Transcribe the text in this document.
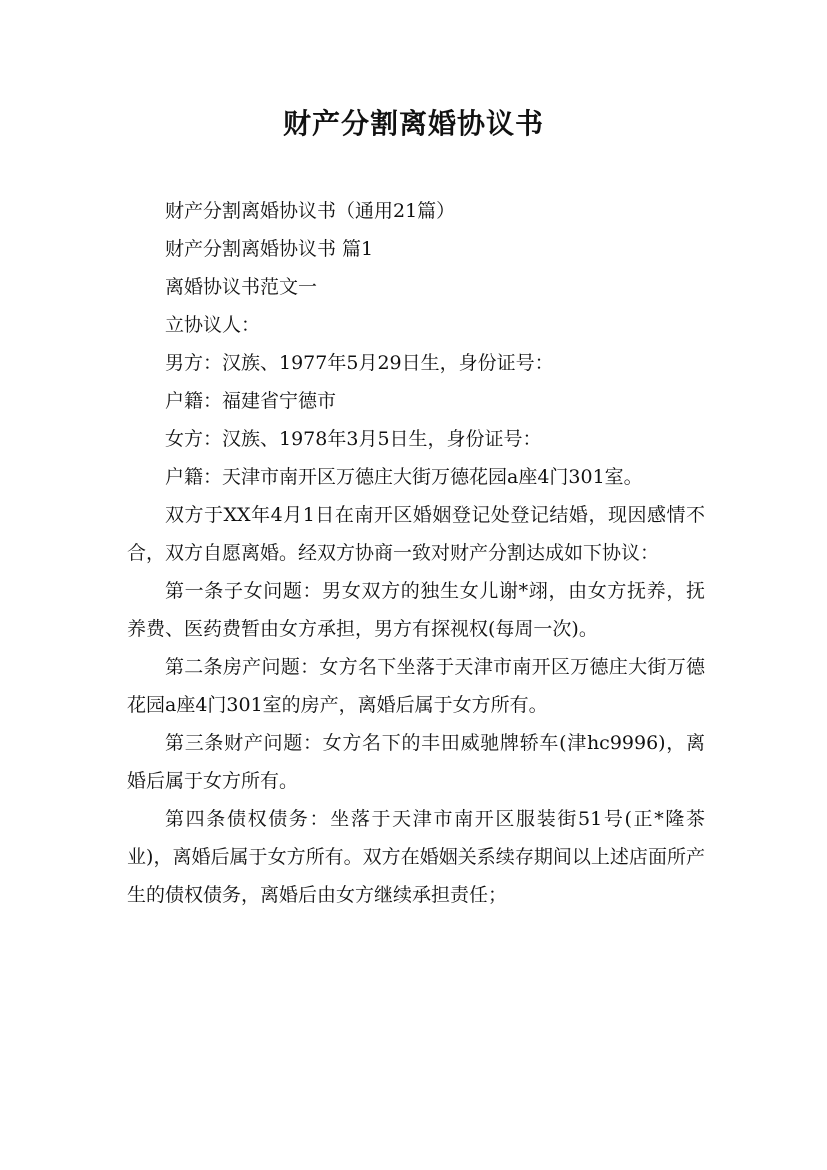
财产分割离婚协议书

财产分割离婚协议书（通用21篇）

财产分割离婚协议书 篇1

离婚协议书范文一

立协议人：

男方：汉族、1977年5月29日生，身份证号：

户籍：福建省宁德市

女方：汉族、1978年3月5日生，身份证号：

户籍：天津市南开区万德庄大街万德花园a座4门301室。

双方于XX年4月1日在南开区婚姻登记处登记结婚，现因感情不合，双方自愿离婚。经双方协商一致对财产分割达成如下协议：

第一条子女问题：男女双方的独生女儿谢*翊，由女方抚养，抚养费、医药费暂由女方承担，男方有探视权(每周一次)。

第二条房产问题：女方名下坐落于天津市南开区万德庄大街万德花园a座4门301室的房产，离婚后属于女方所有。

第三条财产问题：女方名下的丰田威驰牌轿车(津hc9996)，离婚后属于女方所有。

第四条债权债务：坐落于天津市南开区服装街51号(正*隆茶业)，离婚后属于女方所有。双方在婚姻关系续存期间以上述店面所产生的债权债务，离婚后由女方继续承担责任；
